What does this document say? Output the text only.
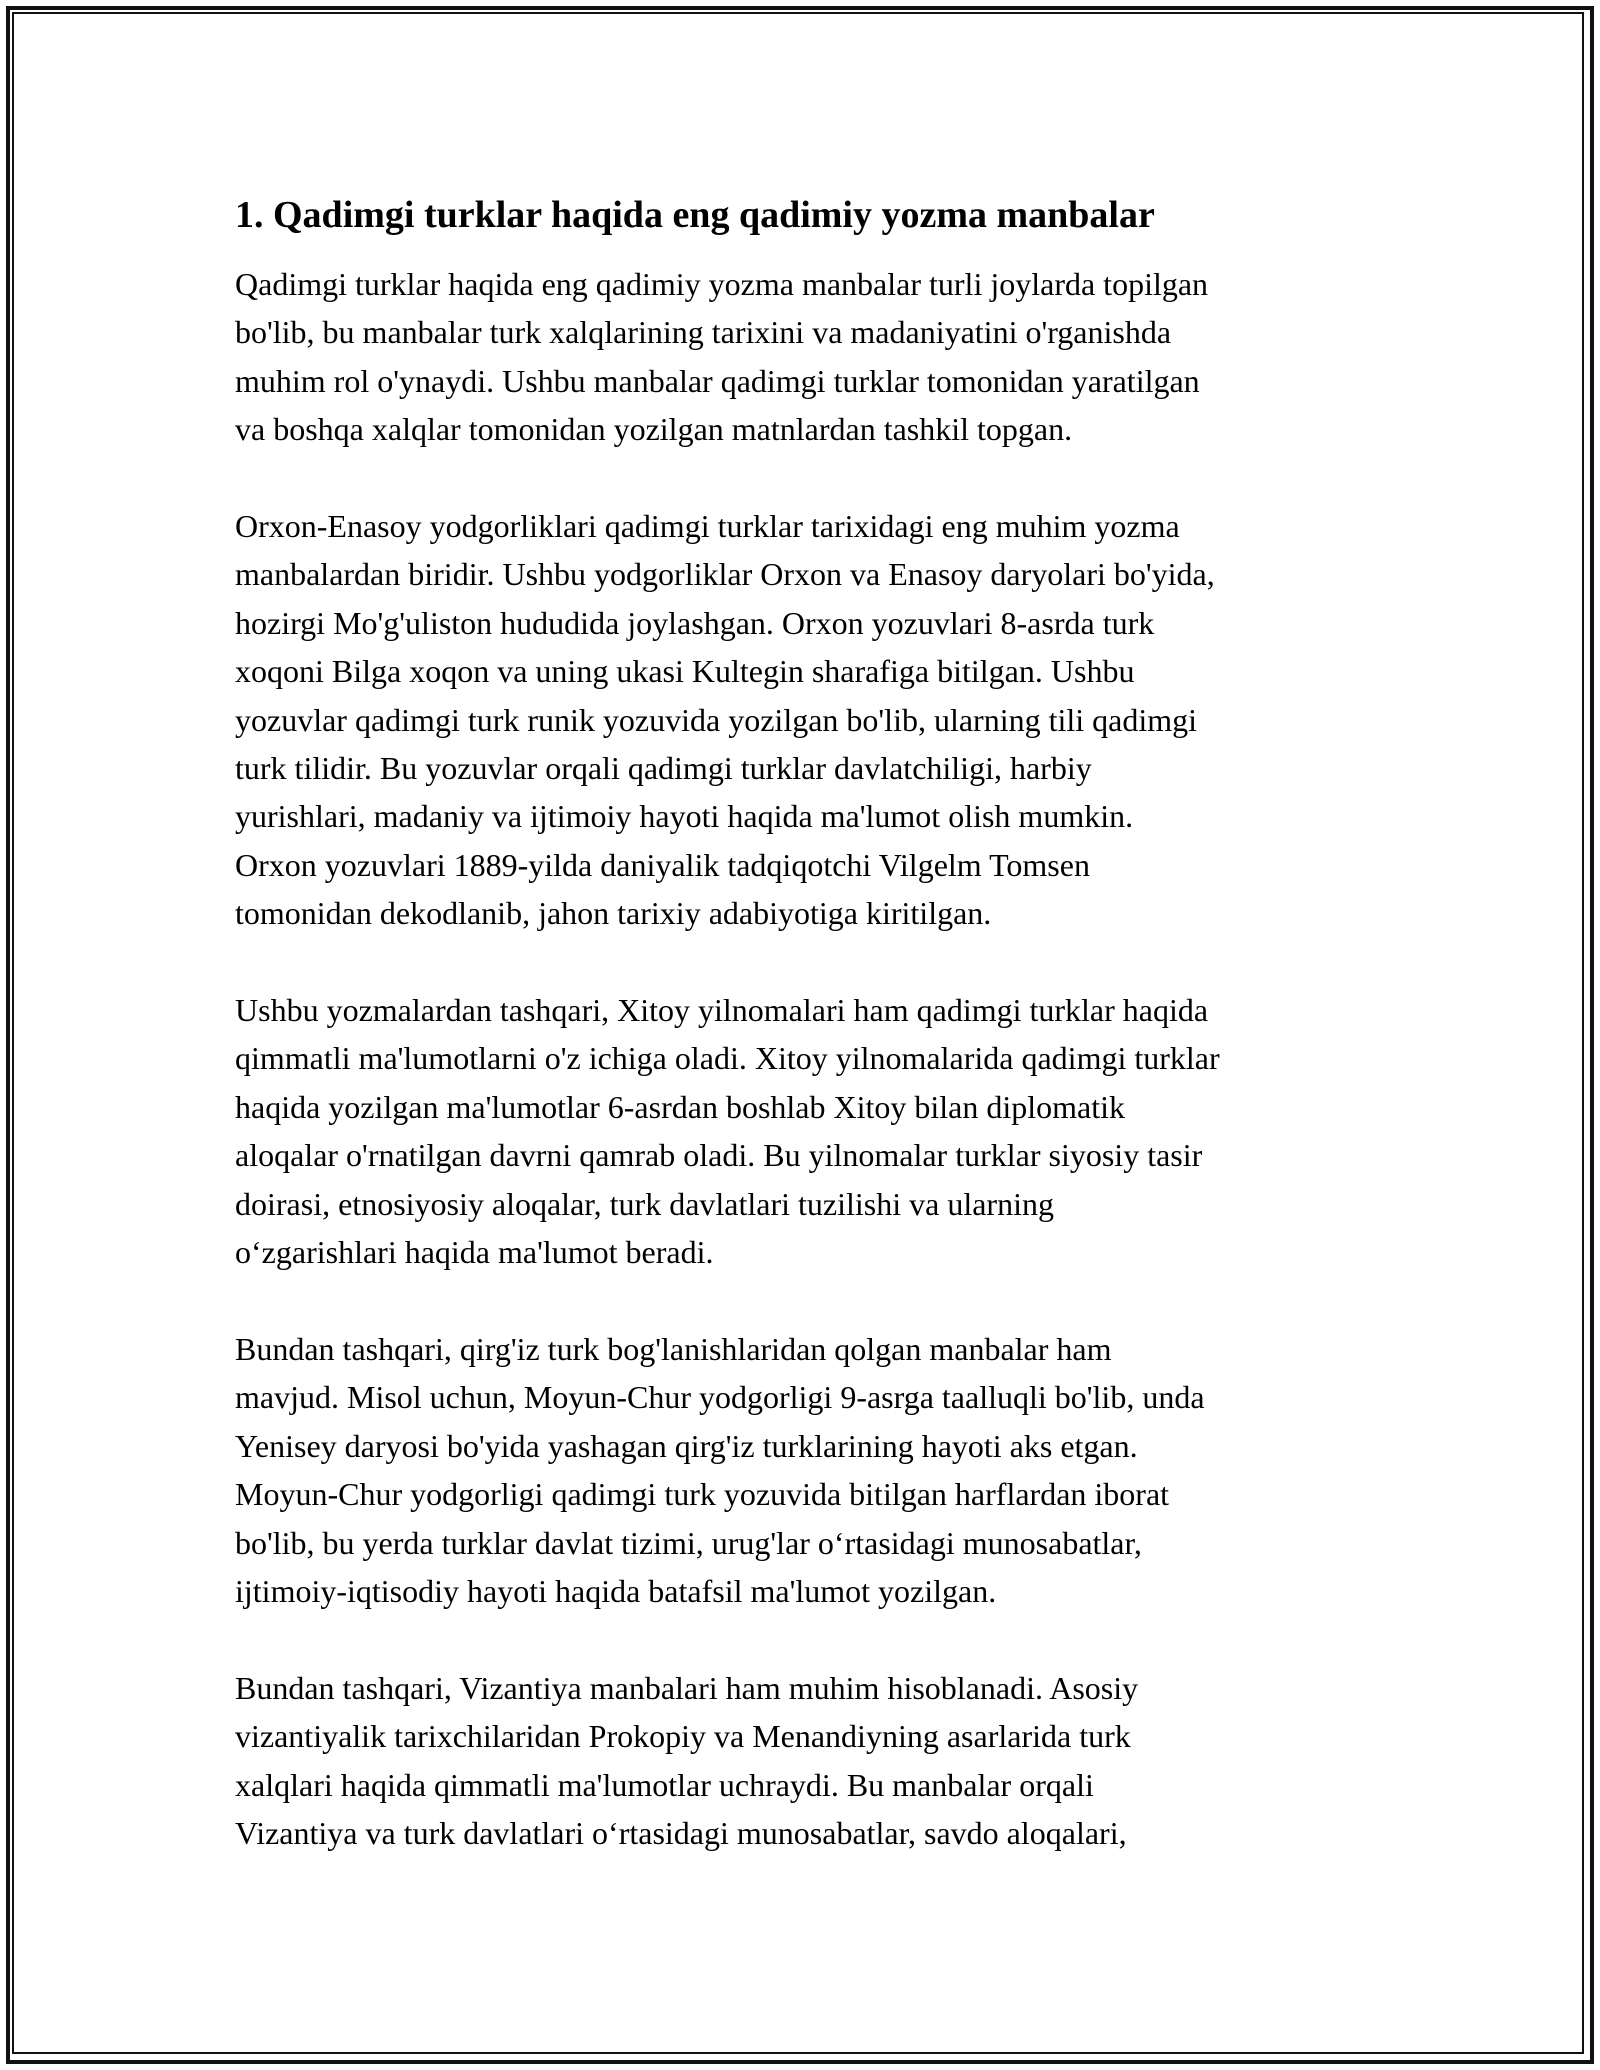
1. Qadimgi turklar haqida eng qadimiy yozma manbalar
Qadimgi turklar haqida eng qadimiy yozma manbalar turli joylarda topilgan
bo'lib, bu manbalar turk xalqlarining tarixini va madaniyatini o'rganishda
muhim rol o'ynaydi. Ushbu manbalar qadimgi turklar tomonidan yaratilgan
va boshqa xalqlar tomonidan yozilgan matnlardan tashkil topgan.
Orxon-Enasoy yodgorliklari qadimgi turklar tarixidagi eng muhim yozma
manbalardan biridir. Ushbu yodgorliklar Orxon va Enasoy daryolari bo'yida,
hozirgi Mo'g'uliston hududida joylashgan. Orxon yozuvlari 8-asrda turk
xoqoni Bilga xoqon va uning ukasi Kultegin sharafiga bitilgan. Ushbu
yozuvlar qadimgi turk runik yozuvida yozilgan bo'lib, ularning tili qadimgi
turk tilidir. Bu yozuvlar orqali qadimgi turklar davlatchiligi, harbiy
yurishlari, madaniy va ijtimoiy hayoti haqida ma'lumot olish mumkin.
Orxon yozuvlari 1889-yilda daniyalik tadqiqotchi Vilgelm Tomsen
tomonidan dekodlanib, jahon tarixiy adabiyotiga kiritilgan.
Ushbu yozmalardan tashqari, Xitoy yilnomalari ham qadimgi turklar haqida
qimmatli ma'lumotlarni o'z ichiga oladi. Xitoy yilnomalarida qadimgi turklar
haqida yozilgan ma'lumotlar 6-asrdan boshlab Xitoy bilan diplomatik
aloqalar o'rnatilgan davrni qamrab oladi. Bu yilnomalar turklar siyosiy tasir
doirasi, etnosiyosiy aloqalar, turk davlatlari tuzilishi va ularning
o‘zgarishlari haqida ma'lumot beradi.
Bundan tashqari, qirg'iz turk bog'lanishlaridan qolgan manbalar ham
mavjud. Misol uchun, Moyun-Chur yodgorligi 9-asrga taalluqli bo'lib, unda
Yenisey daryosi bo'yida yashagan qirg'iz turklarining hayoti aks etgan.
Moyun-Chur yodgorligi qadimgi turk yozuvida bitilgan harflardan iborat
bo'lib, bu yerda turklar davlat tizimi, urug'lar o‘rtasidagi munosabatlar,
ijtimoiy-iqtisodiy hayoti haqida batafsil ma'lumot yozilgan.
Bundan tashqari, Vizantiya manbalari ham muhim hisoblanadi. Asosiy
vizantiyalik tarixchilaridan Prokopiy va Menandiyning asarlarida turk
xalqlari haqida qimmatli ma'lumotlar uchraydi. Bu manbalar orqali
Vizantiya va turk davlatlari o‘rtasidagi munosabatlar, savdo aloqalari,
